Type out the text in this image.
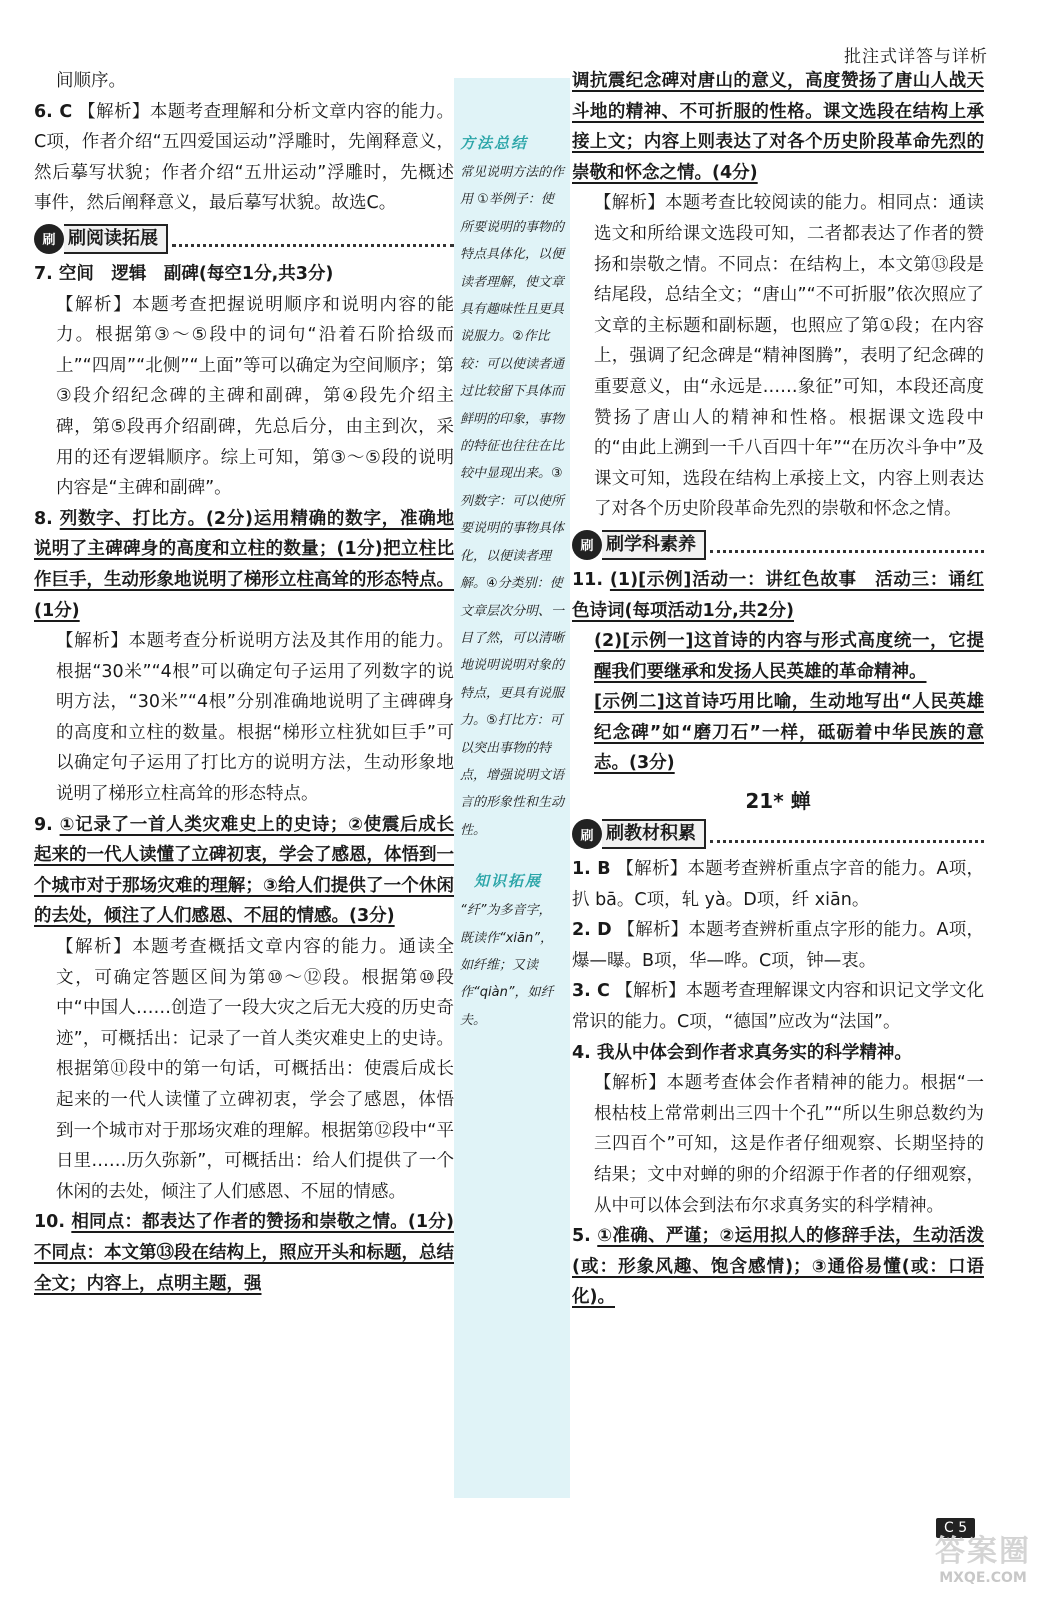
批注式详答与详析

间顺序。

6. C 【解析】本题考查理解和分析文章内容的能力。C项，作者介绍“五四爱国运动”浮雕时，先阐释意义，然后摹写状貌；作者介绍“五卅运动”浮雕时，先概述事件，然后阐释意义，最后摹写状貌。故选C。

刷 刷阅读拓展

7. 空间　逻辑　副碑(每空1分,共3分)

【解析】本题考查把握说明顺序和说明内容的能力。根据第③～⑤段中的词句“沿着石阶拾级而上”“四周”“北侧”“上面”等可以确定为空间顺序；第③段介绍纪念碑的主碑和副碑，第④段先介绍主碑，第⑤段再介绍副碑，先总后分，由主到次，采用的还有逻辑顺序。综上可知，第③～⑤段的说明内容是“主碑和副碑”。

8. 列数字、打比方。(2分)运用精确的数字，准确地说明了主碑碑身的高度和立柱的数量；(1分)把立柱比作巨手，生动形象地说明了梯形立柱高耸的形态特点。(1分)

【解析】本题考查分析说明方法及其作用的能力。根据“30米”“4根”可以确定句子运用了列数字的说明方法，“30米”“4根”分别准确地说明了主碑碑身的高度和立柱的数量。根据“梯形立柱犹如巨手”可以确定句子运用了打比方的说明方法，生动形象地说明了梯形立柱高耸的形态特点。

9. ①记录了一首人类灾难史上的史诗；②使震后成长起来的一代人读懂了立碑初衷，学会了感恩，体悟到一个城市对于那场灾难的理解；③给人们提供了一个休闲的去处，倾注了人们感恩、不屈的情感。(3分)

【解析】本题考查概括文章内容的能力。通读全文，可确定答题区间为第⑩～⑫段。根据第⑩段中“中国人……创造了一段大灾之后无大疫的历史奇迹”，可概括出：记录了一首人类灾难史上的史诗。根据第⑪段中的第一句话，可概括出：使震后成长起来的一代人读懂了立碑初衷，学会了感恩，体悟到一个城市对于那场灾难的理解。根据第⑫段中“平日里……历久弥新”，可概括出：给人们提供了一个休闲的去处，倾注了人们感恩、不屈的情感。

10. 相同点：都表达了作者的赞扬和崇敬之情。(1分)不同点：本文第⑬段在结构上，照应开头和标题，总结全文；内容上，点明主题，强

方法总结

常见说明方法的作用 ①举例子：使所要说明的事物的特点具体化，以便读者理解，使文章具有趣味性且更具说服力。②作比较：可以使读者通过比较留下具体而鲜明的印象，事物的特征也往往在比较中显现出来。③列数字：可以使所要说明的事物具体化，以便读者理解。④分类别：使文章层次分明、一目了然，可以清晰地说明说明对象的特点，更具有说服力。⑤打比方：可以突出事物的特点，增强说明文语言的形象性和生动性。

知识拓展

“纤”为多音字，既读作“xiān”，如纤维；又读作“qiàn”，如纤夫。

调抗震纪念碑对唐山的意义，高度赞扬了唐山人战天斗地的精神、不可折服的性格。课文选段在结构上承接上文；内容上则表达了对各个历史阶段革命先烈的崇敬和怀念之情。(4分)

【解析】本题考查比较阅读的能力。相同点：通读选文和所给课文选段可知，二者都表达了作者的赞扬和崇敬之情。不同点：在结构上，本文第⑬段是结尾段，总结全文；“唐山”“不可折服”依次照应了文章的主标题和副标题，也照应了第①段；在内容上，强调了纪念碑是“精神图腾”，表明了纪念碑的重要意义，由“永远是……象征”可知，本段还高度赞扬了唐山人的精神和性格。根据课文选段中的“由此上溯到一千八百四十年”“在历次斗争中”及课文可知，选段在结构上承接上文，内容上则表达了对各个历史阶段革命先烈的崇敬和怀念之情。

刷 刷学科素养

11. (1)[示例]活动一：讲红色故事　活动三：诵红色诗词(每项活动1分,共2分)

(2)[示例一]这首诗的内容与形式高度统一，它提醒我们要继承和发扬人民英雄的革命精神。

[示例二]这首诗巧用比喻，生动地写出“人民英雄纪念碑”如“磨刀石”一样，砥砺着中华民族的意志。(3分)

21* 蝉
刷 刷教材积累

1. B 【解析】本题考查辨析重点字音的能力。A项，扒 bā。C项，轧 yà。D项，纤 xiān。

2. D 【解析】本题考查辨析重点字形的能力。A项，爆—曝。B项，华—哗。C项，钟—衷。

3. C 【解析】本题考查理解课文内容和识记文学文化常识的能力。C项，“德国”应改为“法国”。

4. 我从中体会到作者求真务实的科学精神。

【解析】本题考查体会作者精神的能力。根据“一根枯枝上常常刺出三四十个孔”“所以生卵总数约为三四百个”可知，这是作者仔细观察、长期坚持的结果；文中对蝉的卵的介绍源于作者的仔细观察，从中可以体会到法布尔求真务实的科学精神。

5. ①准确、严谨；②运用拟人的修辞手法，生动活泼(或：形象风趣、饱含感情)；③通俗易懂(或：口语化)。

C 5
答案圈
MXQE.COM
